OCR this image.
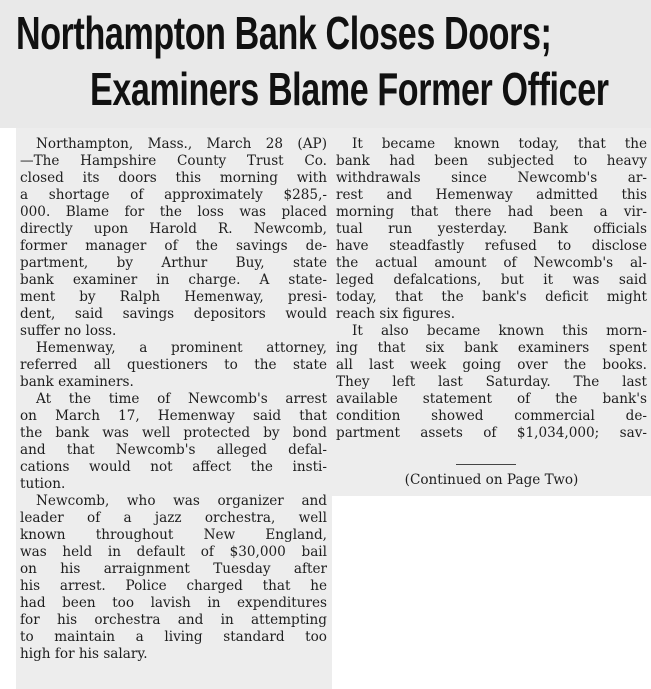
Northampton Bank Closes Doors;
Examiners Blame Former Officer
Northampton, Mass., March 28 (AP)
—The Hampshire County Trust Co.
closed its doors this morning with
a shortage of approximately $285,-
000. Blame for the loss was placed
directly upon Harold R. Newcomb,
former manager of the savings de-
partment, by Arthur Buy, state
bank examiner in charge. A state-
ment by Ralph Hemenway, presi-
dent, said savings depositors would
suffer no loss.
Hemenway, a prominent attorney,
referred all questioners to the state
bank examiners.
At the time of Newcomb's arrest
on March 17, Hemenway said that
the bank was well protected by bond
and that Newcomb's alleged defal-
cations would not affect the insti-
tution.
Newcomb, who was organizer and
leader of a jazz orchestra, well
known throughout New England,
was held in default of $30,000 bail
on his arraignment Tuesday after
his arrest. Police charged that he
had been too lavish in expenditures
for his orchestra and in attempting
to maintain a living standard too
high for his salary.
It became known today, that the
bank had been subjected to heavy
withdrawals since Newcomb's ar-
rest and Hemenway admitted this
morning that there had been a vir-
tual run yesterday. Bank officials
have steadfastly refused to disclose
the actual amount of Newcomb's al-
leged defalcations, but it was said
today, that the bank's deficit might
reach six figures.
It also became known this morn-
ing that six bank examiners spent
all last week going over the books.
They left last Saturday. The last
available statement of the bank's
condition showed commercial de-
partment assets of $1,034,000; sav-
(Continued on Page Two)
